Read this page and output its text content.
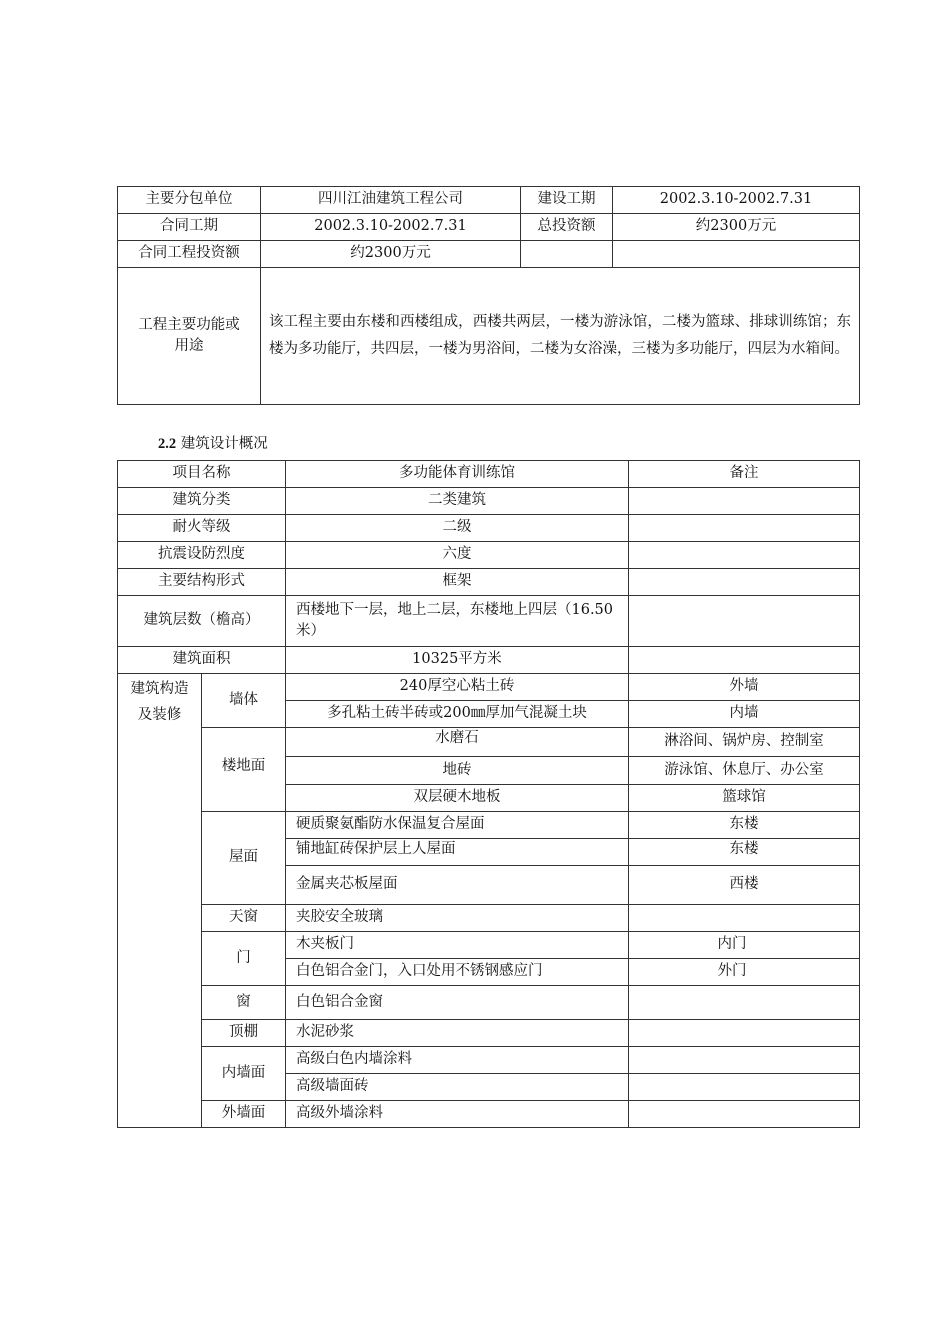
主要分包单位	四川江油建筑工程公司	建设工期	2002.3.10-2002.7.31
合同工期	2002.3.10-2002.7.31	总投资额	约2300万元
合同工程投资额	约2300万元		
工程主要功能或用途	该工程主要由东楼和西楼组成，西楼共两层，一楼为游泳馆，二楼为篮球、排球训练馆；东楼为多功能厅，共四层，一楼为男浴间，二楼为女浴澡，三楼为多功能厅，四层为水箱间。		
2.2 建筑设计概况
项目名称		多功能体育训练馆	备注
建筑分类		二类建筑	
耐火等级		二级	
抗震设防烈度		六度	
主要结构形式		框架	
建筑层数（檐高）		西楼地下一层，地上二层，东楼地上四层（16.50米）	
建筑面积		10325平方米	
建筑构造及装修	墙体	240厚空心粘土砖	外墙
		多孔粘土砖半砖或200㎜厚加气混凝土块	内墙
	楼地面	水磨石	淋浴间、锅炉房、控制室
		地砖	游泳馆、休息厅、办公室
		双层硬木地板	篮球馆
	屋面	硬质聚氨酯防水保温复合屋面	东楼
		铺地缸砖保护层上人屋面	东楼
		金属夹芯板屋面	西楼
	天窗	夹胶安全玻璃	
	门	木夹板门	内门
		白色铝合金门，入口处用不锈钢感应门	外门
	窗	白色铝合金窗	
	顶棚	水泥砂浆	
	内墙面	高级白色内墙涂料	
		高级墙面砖	
	外墙面	高级外墙涂料	
